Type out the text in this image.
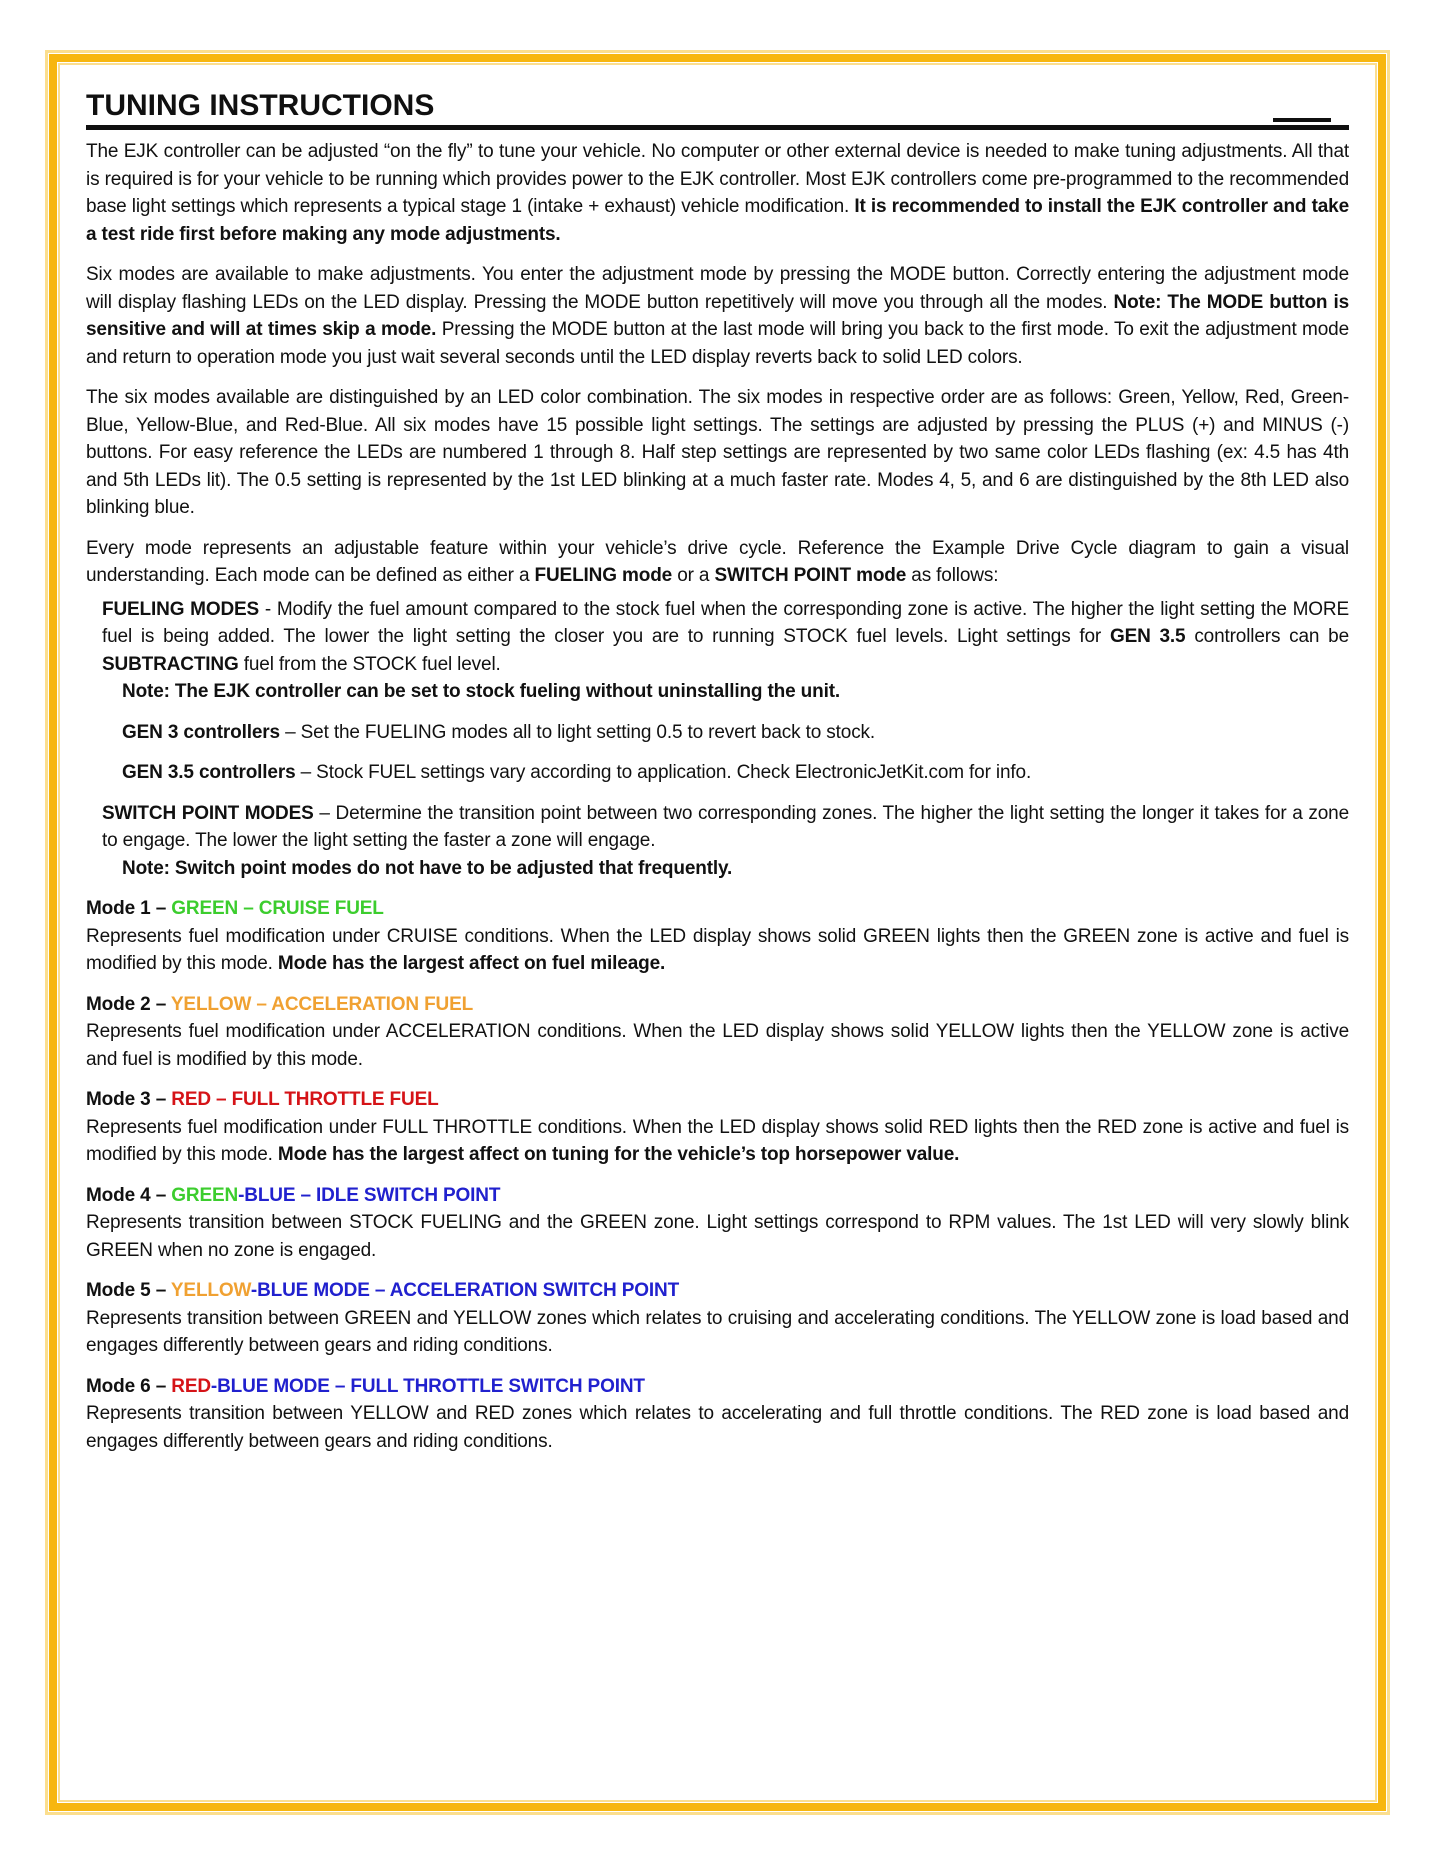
TUNING INSTRUCTIONS

The EJK controller can be adjusted “on the fly” to tune your vehicle. No computer or other external device is needed to make tuning adjustments. All that is required is for your vehicle to be running which provides power to the EJK controller. Most EJK controllers come pre-programmed to the recommended base light settings which represents a typical stage 1 (intake + exhaust) vehicle modification. It is recommended to install the EJK controller and take a test ride first before making any mode adjustments.

Six modes are available to make adjustments. You enter the adjustment mode by pressing the MODE button. Correctly entering the adjustment mode will display flashing LEDs on the LED display. Pressing the MODE button repetitively will move you through all the modes. Note: The MODE button is sensitive and will at times skip a mode. Pressing the MODE button at the last mode will bring you back to the first mode. To exit the adjustment mode and return to operation mode you just wait several seconds until the LED display reverts back to solid LED colors.

The six modes available are distinguished by an LED color combination. The six modes in respective order are as follows: Green, Yellow, Red, Green-Blue, Yellow-Blue, and Red-Blue. All six modes have 15 possible light settings. The settings are adjusted by pressing the PLUS (+) and MINUS (-) buttons. For easy reference the LEDs are numbered 1 through 8. Half step settings are represented by two same color LEDs flashing (ex: 4.5 has 4th and 5th LEDs lit). The 0.5 setting is represented by the 1st LED blinking at a much faster rate. Modes 4, 5, and 6 are distinguished by the 8th LED also blinking blue.

Every mode represents an adjustable feature within your vehicle’s drive cycle. Reference the Example Drive Cycle diagram to gain a visual understanding. Each mode can be defined as either a FUELING mode or a SWITCH POINT mode as follows:

FUELING MODES - Modify the fuel amount compared to the stock fuel when the corresponding zone is active. The higher the light setting the MORE fuel is being added. The lower the light setting the closer you are to running STOCK fuel levels. Light settings for GEN 3.5 controllers can be SUBTRACTING fuel from the STOCK fuel level.

Note: The EJK controller can be set to stock fueling without uninstalling the unit.

GEN 3 controllers – Set the FUELING modes all to light setting 0.5 to revert back to stock.

GEN 3.5 controllers – Stock FUEL settings vary according to application. Check ElectronicJetKit.com for info.

SWITCH POINT MODES – Determine the transition point between two corresponding zones. The higher the light setting the longer it takes for a zone to engage. The lower the light setting the faster a zone will engage.

Note: Switch point modes do not have to be adjusted that frequently.

Mode 1 – GREEN – CRUISE FUEL

Represents fuel modification under CRUISE conditions. When the LED display shows solid GREEN lights then the GREEN zone is active and fuel is modified by this mode. Mode has the largest affect on fuel mileage.

Mode 2 – YELLOW – ACCELERATION FUEL

Represents fuel modification under ACCELERATION conditions. When the LED display shows solid YELLOW lights then the YELLOW zone is active and fuel is modified by this mode.

Mode 3 – RED – FULL THROTTLE FUEL

Represents fuel modification under FULL THROTTLE conditions. When the LED display shows solid RED lights then the RED zone is active and fuel is modified by this mode. Mode has the largest affect on tuning for the vehicle’s top horsepower value.

Mode 4 – GREEN-BLUE – IDLE SWITCH POINT

Represents transition between STOCK FUELING and the GREEN zone. Light settings correspond to RPM values. The 1st LED will very slowly blink GREEN when no zone is engaged.

Mode 5 – YELLOW-BLUE MODE – ACCELERATION SWITCH POINT

Represents transition between GREEN and YELLOW zones which relates to cruising and accelerating conditions. The YELLOW zone is load based and engages differently between gears and riding conditions.

Mode 6 – RED-BLUE MODE – FULL THROTTLE SWITCH POINT

Represents transition between YELLOW and RED zones which relates to accelerating and full throttle conditions. The RED zone is load based and engages differently between gears and riding conditions.
